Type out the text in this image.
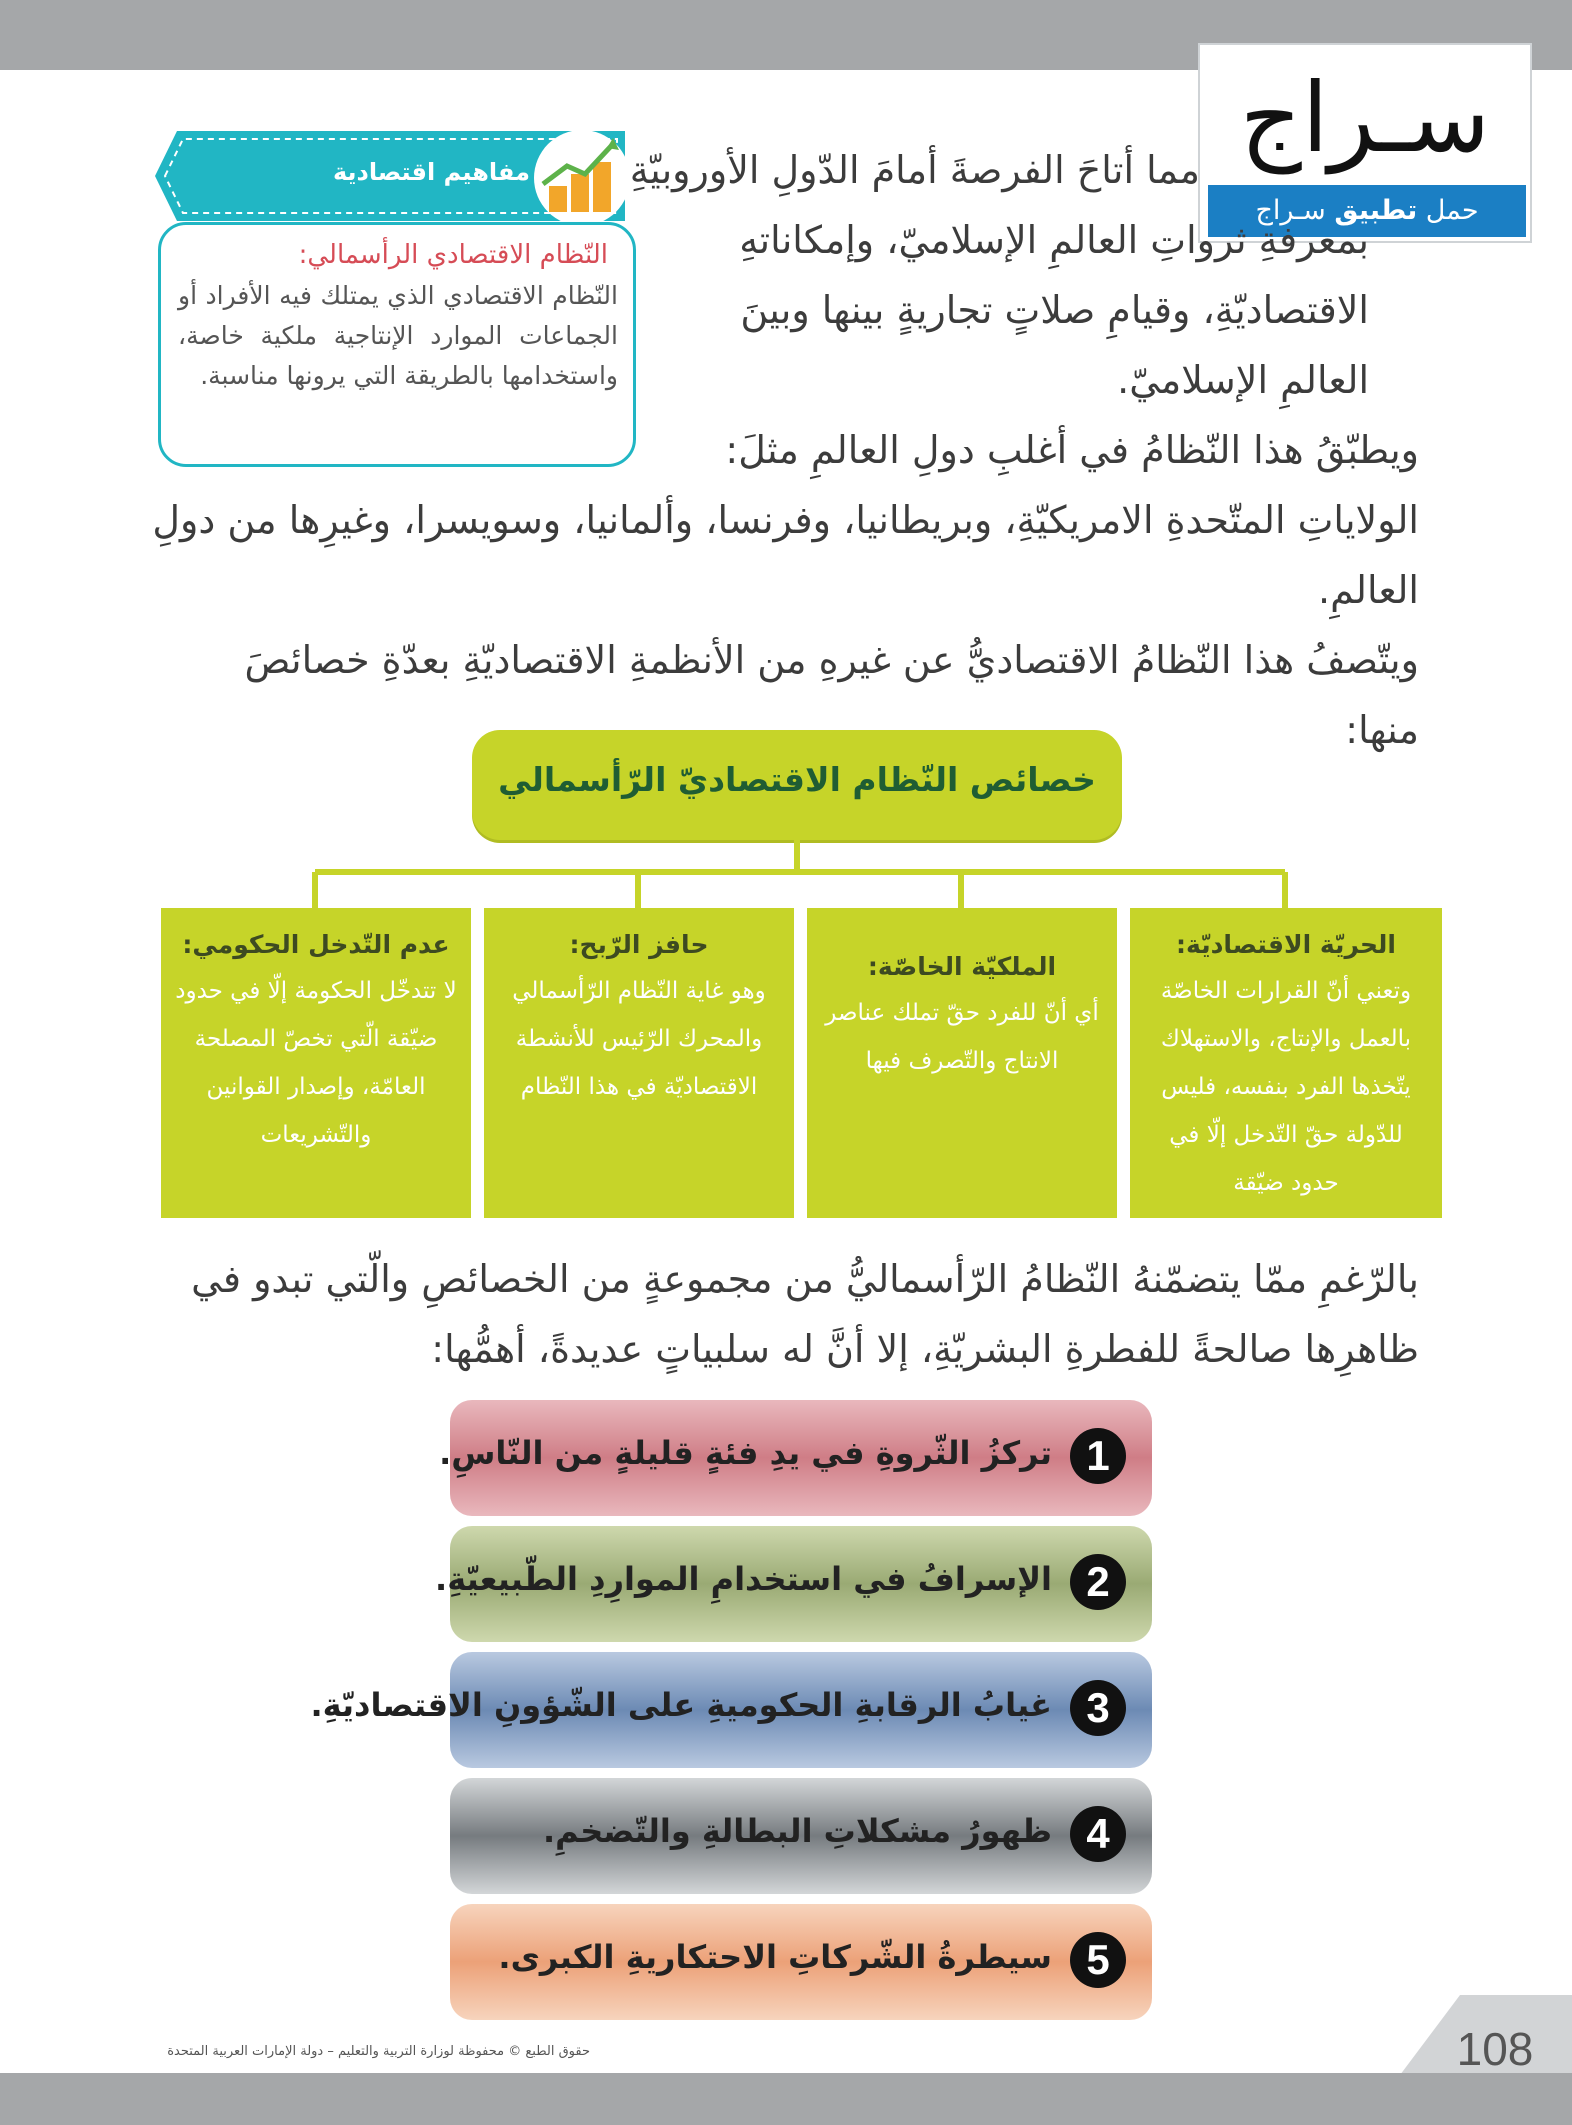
سـراج
حمل تطبيق سـراج
مفاهيم اقتصادية
النّظام الاقتصادي الرأسمالي:
النّظام الاقتصادي الذي يمتلك فيه الأفراد أو الجماعات الموارد الإنتاجية ملكية خاصة، واستخدامها بالطريقة التي يرونها مناسبة.
مما أتاحَ الفرصةَ أمامَ الدّولِ الأوروبيّةِ
بمعرفةِ ثرواتِ العالمِ الإسلاميّ، وإمكاناتهِ
الاقتصاديّةِ، وقيامِ صلاتٍ تجاريةٍ بينها وبينَ
العالمِ الإسلاميّ.
ويطبّقُ هذا النّظامُ في أغلبِ دولِ العالمِ مثلَ:
الولاياتِ المتّحدةِ الامريكيّةِ، وبريطانيا، وفرنسا، وألمانيا، وسويسرا، وغيرِها من دولِ
العالمِ.
ويتّصفُ هذا النّظامُ الاقتصاديُّ عن غيرهِ من الأنظمةِ الاقتصاديّةِ بعدّةِ خصائصَ
منها:
خصائص النّظام الاقتصاديّ الرّأسمالي
الحريّة الاقتصاديّة:
وتعني أنّ القرارات الخاصّة بالعمل والإنتاج، والاستهلاك يتّخذها الفرد بنفسه، فليس للدّولة حقّ التّدخل إلّا في حدود ضيّقة
الملكيّة الخاصّة:
أي أنّ للفرد حقّ تملك عناصر الانتاج والتّصرف فيها
حافز الرّبح:
وهو غاية النّظام الرّأسمالي والمحرك الرّئيس للأنشطة الاقتصاديّة في هذا النّظام
عدم التّدخل الحكومي:
لا تتدخّل الحكومة إلّا في حدود ضيّقة الّتي تخصّ المصلحة العامّة، وإصدار القوانين والتّشريعات
بالرّغمِ ممّا يتضمّنهُ النّظامُ الرّأسماليُّ من مجموعةٍ من الخصائصِ والّتي تبدو في
ظاهرِها صالحةً للفطرةِ البشريّةِ، إلا أنَّ له سلبياتٍ عديدةً، أهمُّها:
1
تركزُ الثّروةِ في يدِ فئةٍ قليلةٍ من النّاسِ.
2
الإسرافُ في استخدامِ الموارِدِ الطّبيعيّةِ.
3
غيابُ الرقابةِ الحكوميةِ على الشّؤونِ الاقتصاديّةِ.
4
ظهورُ مشكلاتِ البطالةِ والتّضخمِ.
5
سيطرةُ الشّركاتِ الاحتكاريةِ الكبرى.
108
حقوق الطبع © محفوظة لوزارة التربية والتعليم – دولة الإمارات العربية المتحدة
